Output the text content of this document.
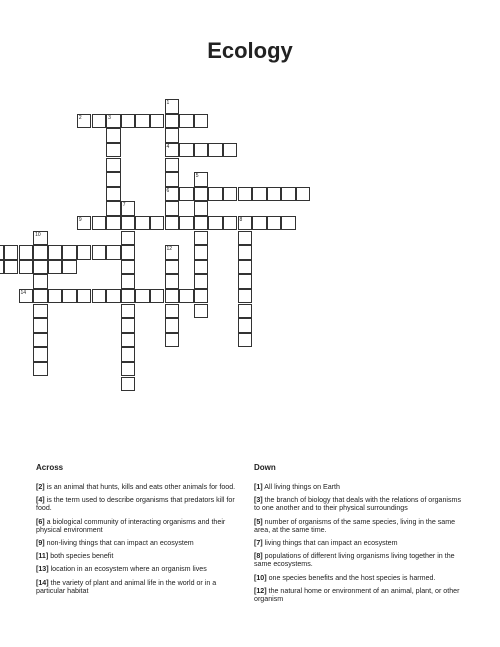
Ecology
1
4
6
2	3
5
7
8
9
10
12
14
Across	Down
[2] is an animal that hunts, kills and eats other animals for food.
[4] is the term used to describe organisms that predators kill for food.
[6] a biological community of interacting organisms and their physical environment
[9] non-living things that can impact an ecosystem
[11] both species benefit
[13] location in an ecosystem where an organism lives
[14] the variety of plant and animal life in the world or in a particular habitat
[1] All living things on Earth
[3] the branch of biology that deals with the relations of organisms to one another and to their physical surroundings
[5] number of organisms of the same species, living in the same area, at the same time.
[7] living things that can impact an ecosystem
[8] populations of different living organisms living together in the same ecosystems.
[10] one species benefits and the host species is harmed.
[12] the natural home or environment of an animal, plant, or other organism
